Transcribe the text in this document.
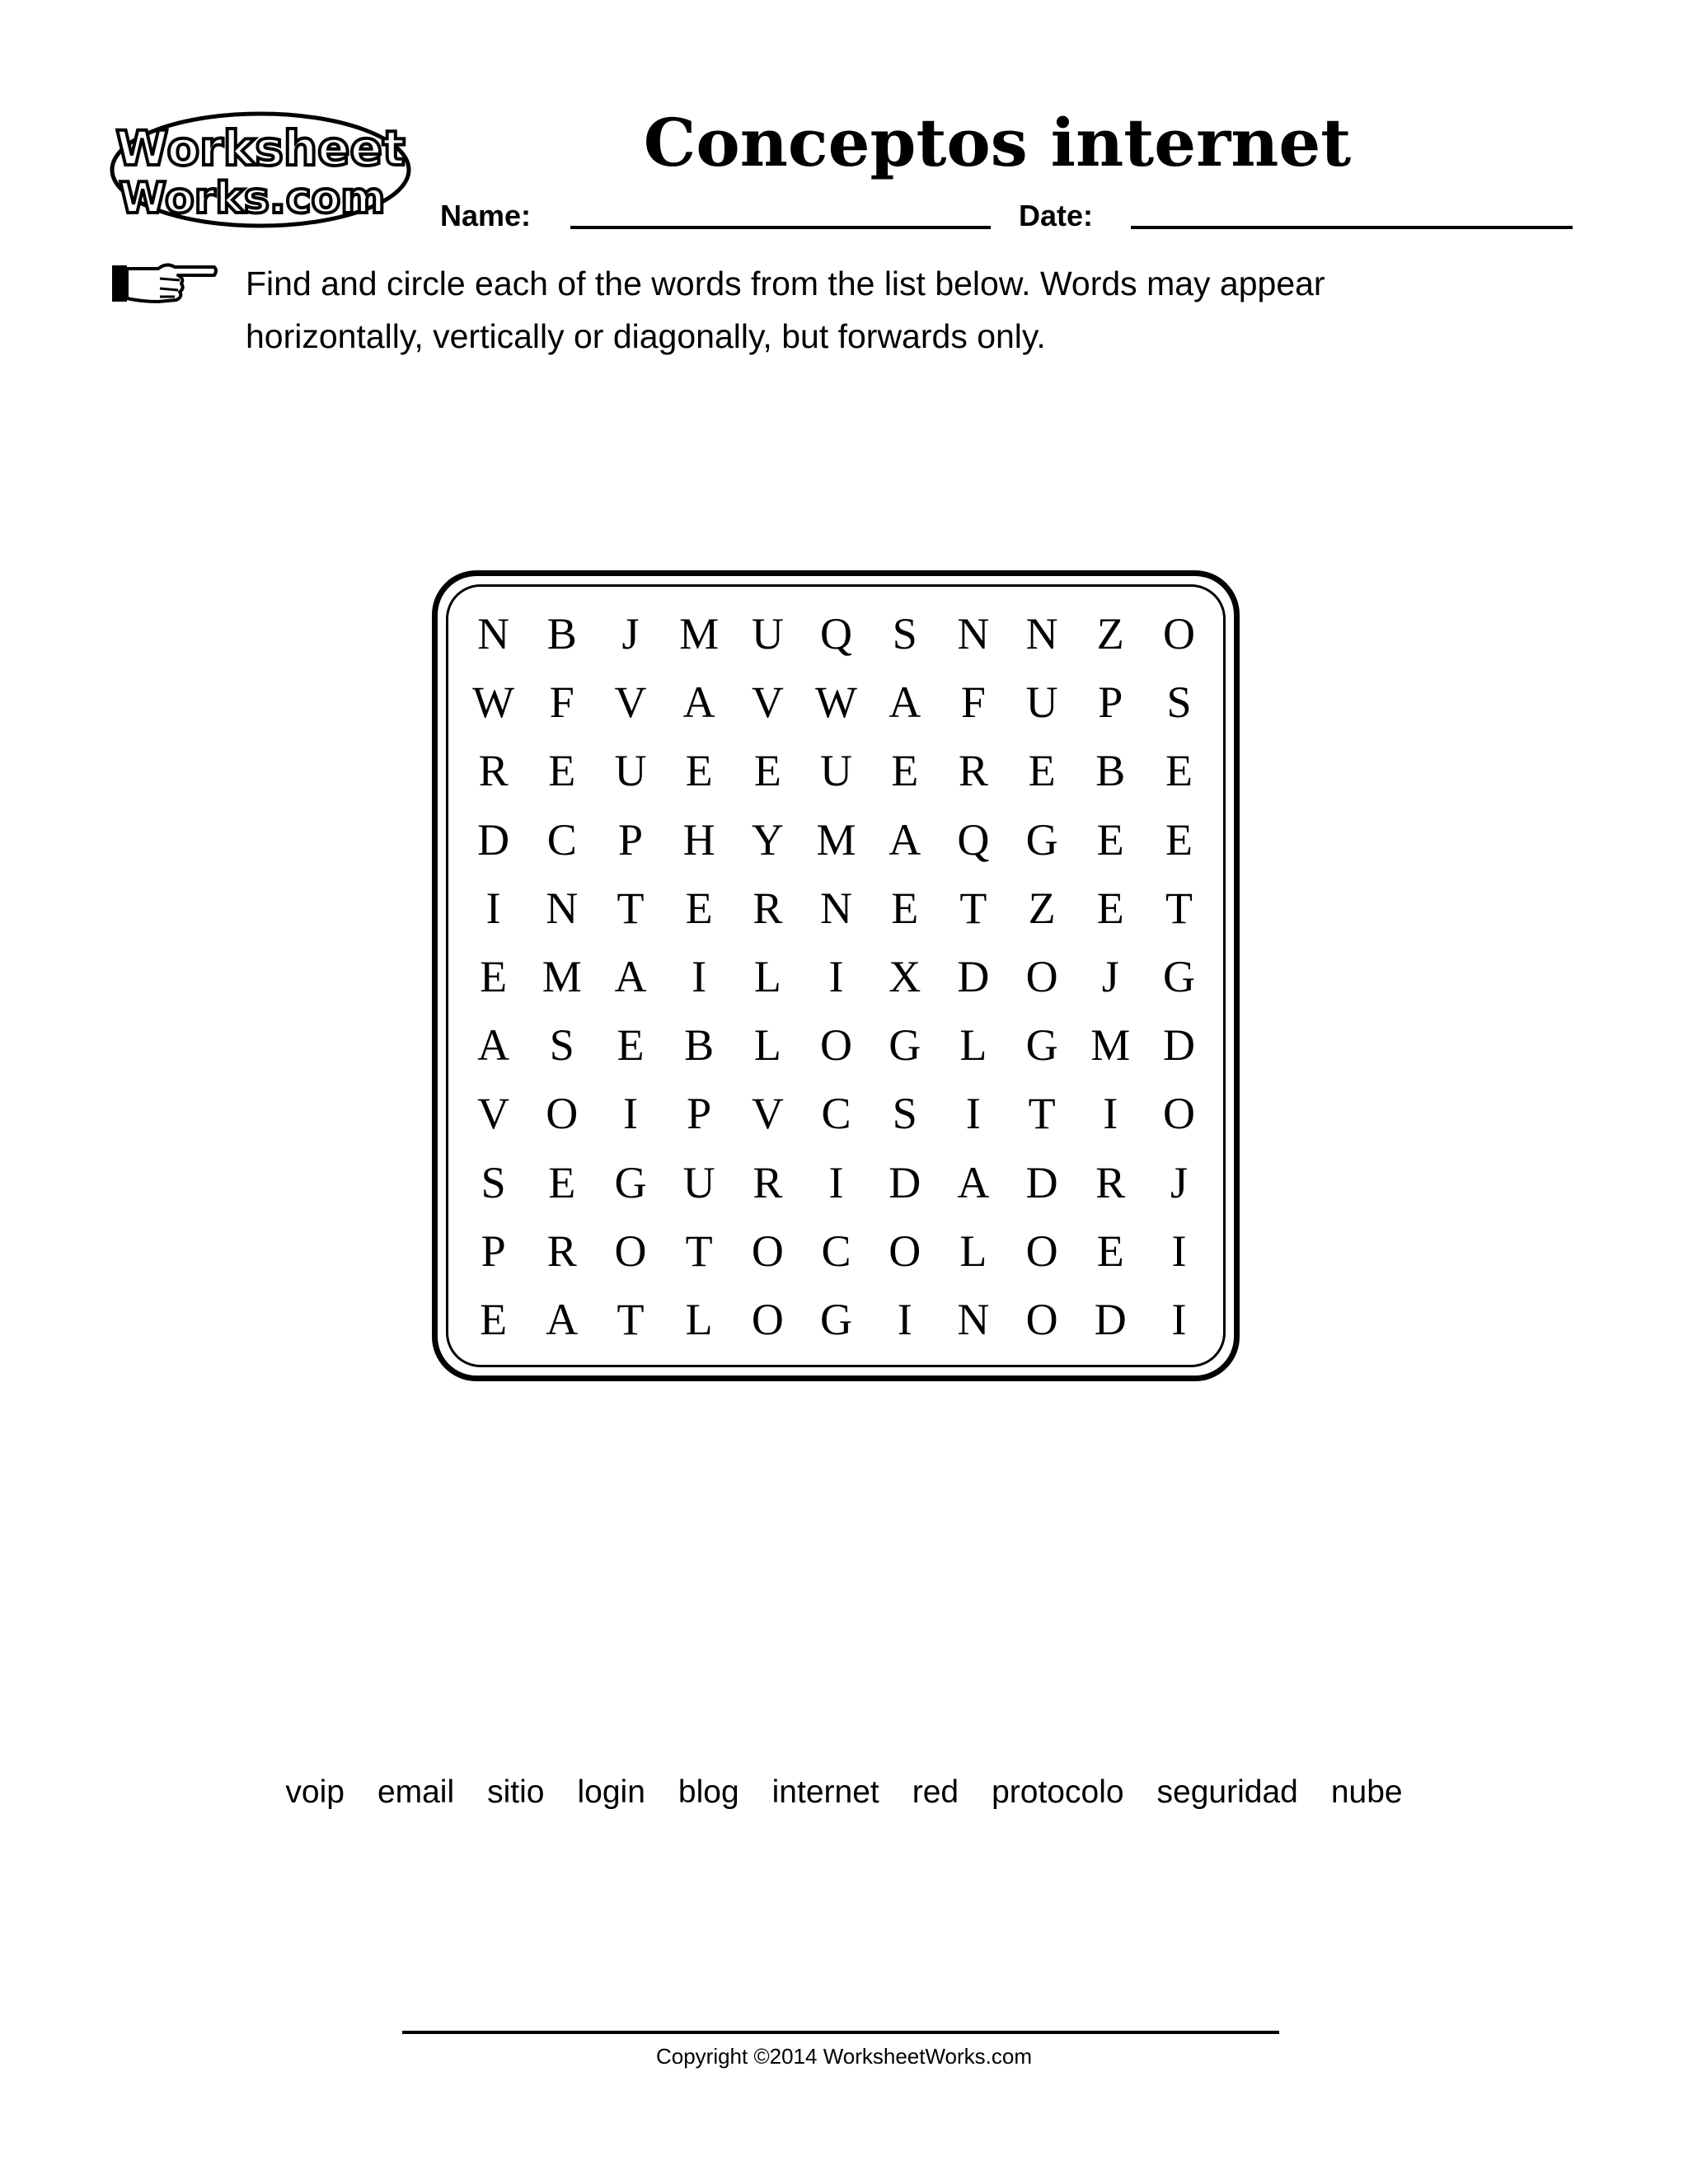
Worksheet
Works.com
Conceptos internet
Name:	Date:

Find and circle each of the words from the list below. Words may appear

horizontally, vertically or diagonally, but forwards only.

N B	J M U Q S N N Z O
W F V A V W A F U P S
R E U E E U E R E B E
D C P H Y M A Q G E E
I	N T E R N E T Z E T
E M A	I	L	I	X D O J G
A S E B L O G L G M D
V O	I	P V C S	I	T	I	O
S E G U R	I	D A D R	J
P R O T O C O L O E	I
E A T L O G	I	N O D	I
voip email sitio login blog internet red protocolo seguridad nube
Copyright ©2014 WorksheetWorks.com
